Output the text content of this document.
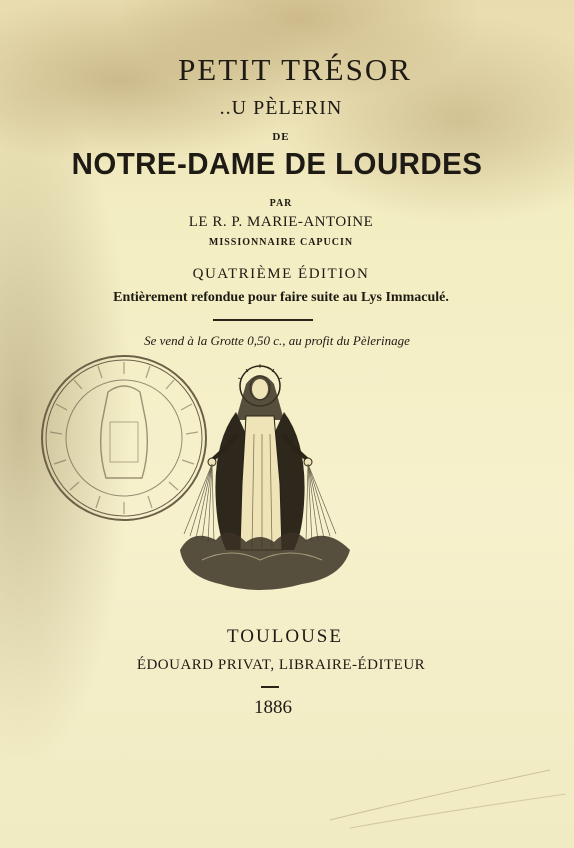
PETIT TRÉSOR
..U PÈLERIN
DE
NOTRE-DAME DE LOURDES
PAR
LE R. P. MARIE-ANTOINE
MISSIONNAIRE CAPUCIN
QUATRIÈME ÉDITION
Entièrement refondue pour faire suite au Lys Immaculé.
Se vend à la Grotte 0,50 c., au profit du Pèlerinage
TOULOUSE
ÉDOUARD PRIVAT, LIBRAIRE-ÉDITEUR
1886
